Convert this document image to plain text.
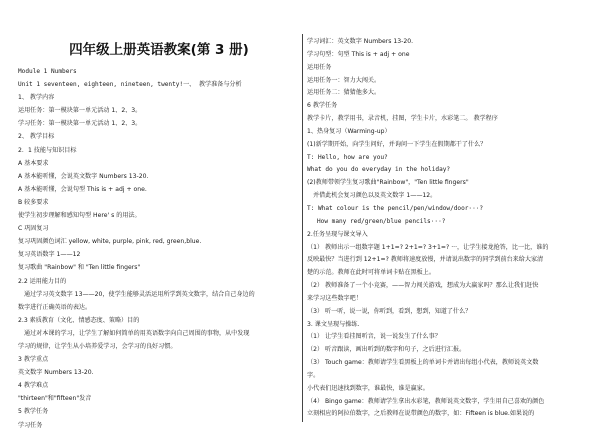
四年级上册英语教案(第 3 册)
Module 1 Numbers
Unit 1 seventeen, eighteen, nineteen, twenty!一、 教学准备与分析
1、 教学内容
运用任务：第一模块第一单元活动 1、2、3。
学习任务：第一模块第一单元活动 1、2、3。
2、 教学目标
2．1 技能与知识目标
A 基本要求
A 基本能听懂，会说英文数字 Numbers 13-20.
A 基本能听懂，会说句型 This is + adj + one.
B 较多要求
使学生初步理解和感知句型 Here' s 的用法。
C 巩固复习
复习巩固颜色词汇 yellow, white, purple, pink, red, green,blue.
复习英语数字 1——12
复习歌曲 "Rainbow" 和 "Ten little fingers"
2.2 运用能力目的
通过学习英文数字 13——20，使学生能够灵活运用所学到英文数字，结合自己身边的
数字进行正确英语的表达。
2.3 素质教育（文化、情感态度、策略）目的
通过对本课的学习，让学生了解如何简单的用英语数字向自己周围的事物，从中发现
学习的规律，让学生从小培养爱学习，会学习的良好习惯。
3 教学重点
英文数字 Numbers 13-20.
4 教学难点
"thirteen"和"fifteen"发音
5 教学任务
学习任务
学习词汇：英文数字 Numbers 13-20.
学习句型：句型 This is + adj + one
运用任务
运用任务一：智力大闯关。
运用任务二：猜猜他多大。
6 教学任务
教学卡片，教学用书，录音机，挂图，学生卡片，水彩笔二。 教学程序
1、热身复习（Warming-up）
(1)新学期开始，向学生问好，并询问一下学生在假期都干了什么？
T: Hello, how are you?
What do you do everyday in the holiday?
(2)教师带领学生复习歌曲"Rainbow"，"Ten little fingers"
并借此机会复习颜色以及英文数字 1——12。
T: What colour is the pencil/pen/window/door···?
How many red/green/blue pencils···?
2.任务呈现与课文导入
（1） 教师出示一组数字题 1+1=? 2+1=? 3+1=? ···，让学生接龙抢答，比一比，谁的
反映最快？当进行到 12+1=? 教师将速度放慢，并请说出数字的同学到前台来给大家清
楚的示范。教师在此时可将单词卡贴在黑板上。
（2） 教师准备了一个小竞赛，——智力闯关游戏，想成为大赢家吗？那么让我们赶快
来学习这些数字吧！
（3） 听一听，说一说，你听到，看到，想到，知道了什么？
3. 课文呈现与操练.
（1） 让学生看挂图听音，说一说发生了什么事？
（2） 听音跟读，画出听到的数字和句子，之后进行汇报。
（3） Touch game：教师请学生看黑板上的单词卡并请出每组小代表，教师说英文数
字。
小代表们迅速找到数字，谁最快，谁是赢家。
（4） Bingo game：教师请学生拿出水彩笔，教师说英文数字，学生用自己喜欢的颜色
立刻相应的阿拉伯数字，之后教师在说带颜色的数字，如：Fifteen is blue.如果说的
